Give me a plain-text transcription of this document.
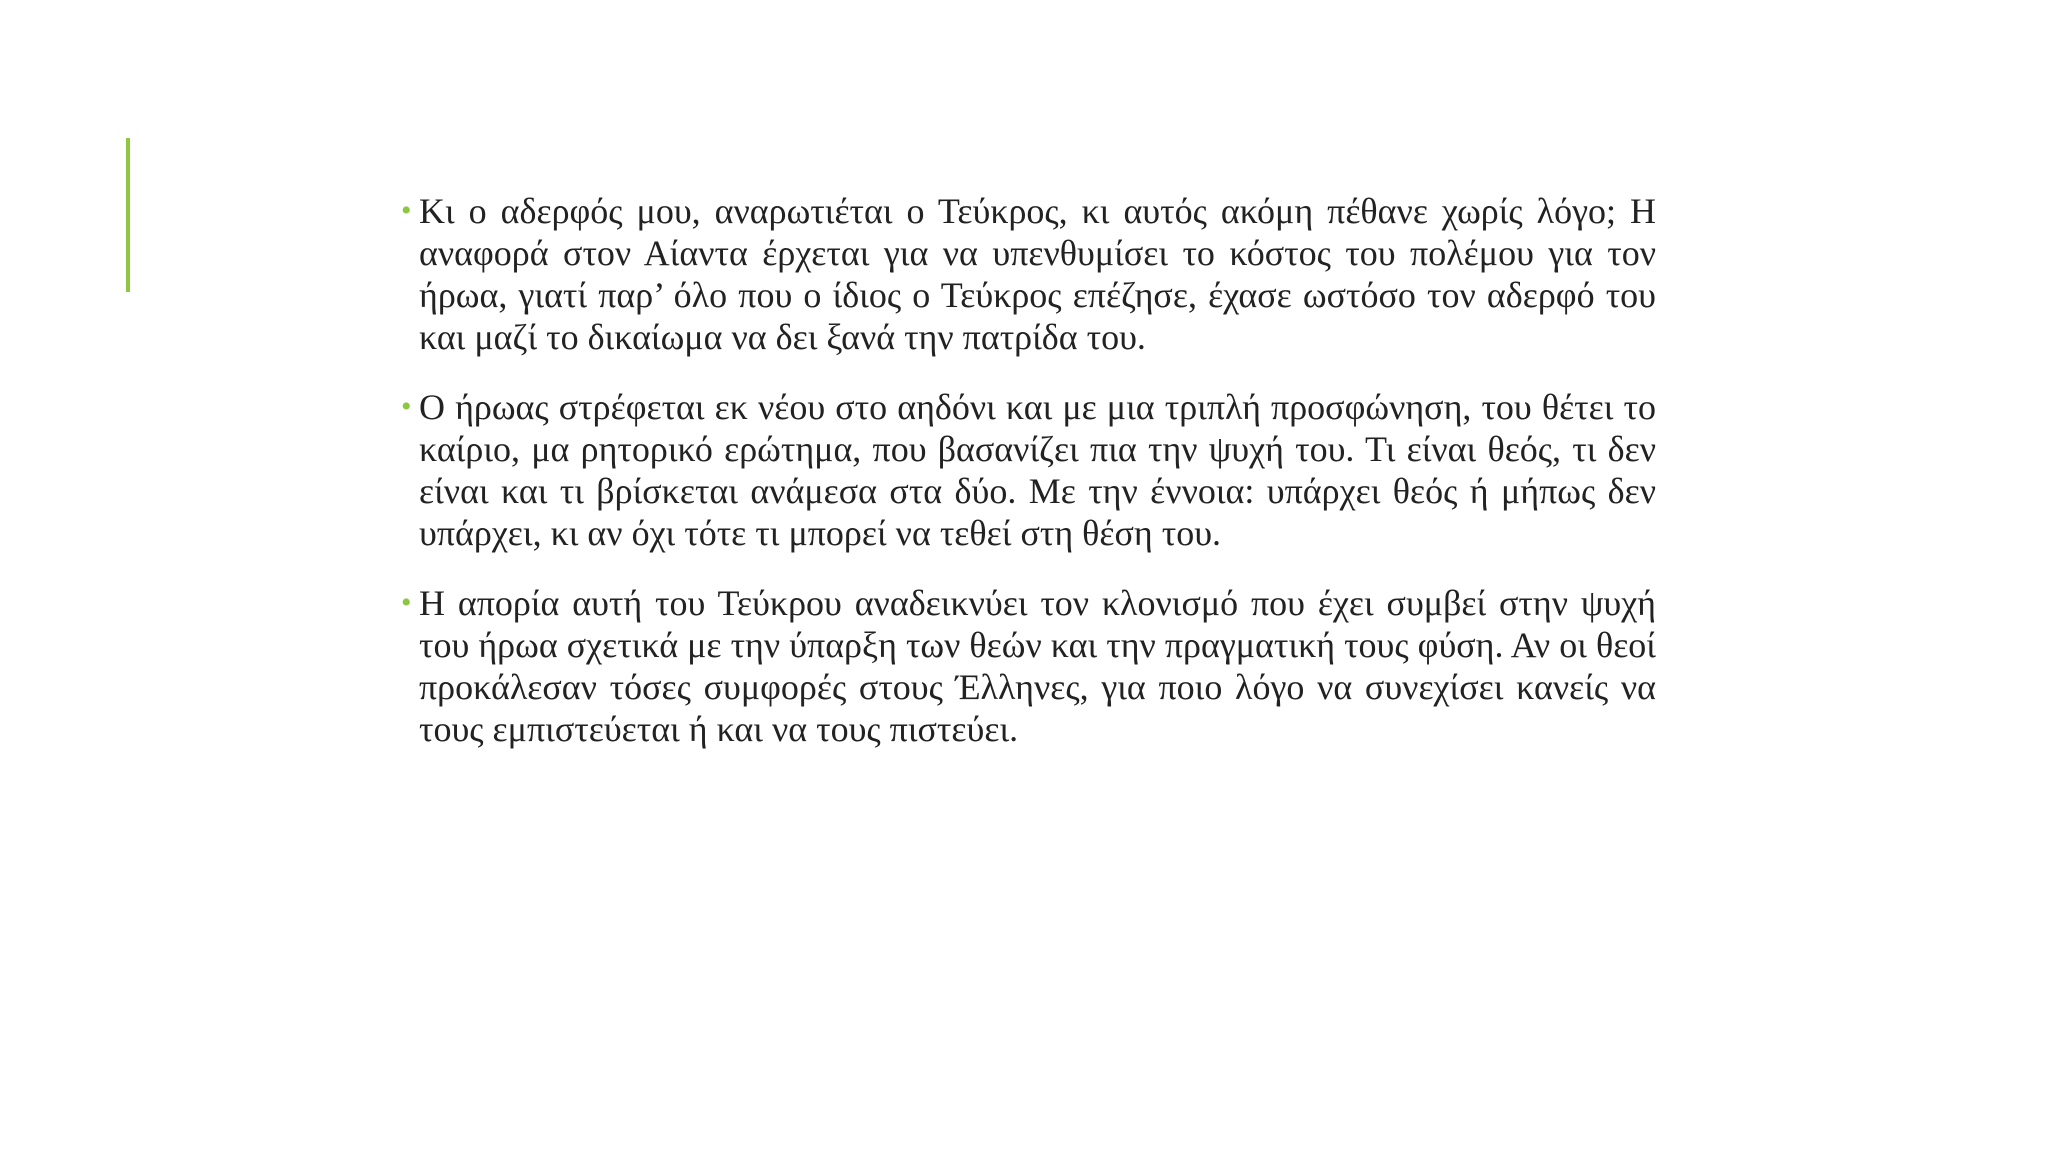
• Κι ο αδερφός μου, αναρωτιέται ο Τεύκρος, κι αυτός ακόμη πέθανε χωρίς λόγο; Η αναφορά στον Αίαντα έρχεται για να υπενθυμίσει το κόστος του πολέμου για τον ήρωα, γιατί παρ’ όλο που ο ίδιος ο Τεύκρος επέζησε, έχασε ωστόσο τον αδερφό του και μαζί το δικαίωμα να δει ξανά την πατρίδα του.
• Ο ήρωας στρέφεται εκ νέου στο αηδόνι και με μια τριπλή προσφώνηση, του θέτει το καίριο, μα ρητορικό ερώτημα, που βασανίζει πια την ψυχή του. Τι είναι θεός, τι δεν είναι και τι βρίσκεται ανάμεσα στα δύο. Με την έννοια: υπάρχει θεός ή μήπως δεν υπάρχει, κι αν όχι τότε τι μπορεί να τεθεί στη θέση του.
• Η απορία αυτή του Τεύκρου αναδεικνύει τον κλονισμό που έχει συμβεί στην ψυχή του ήρωα σχετικά με την ύπαρξη των θεών και την πραγματική τους φύση. Αν οι θεοί προκάλεσαν τόσες συμφορές στους Έλληνες, για ποιο λόγο να συνεχίσει κανείς να τους εμπιστεύεται ή και να τους πιστεύει.
